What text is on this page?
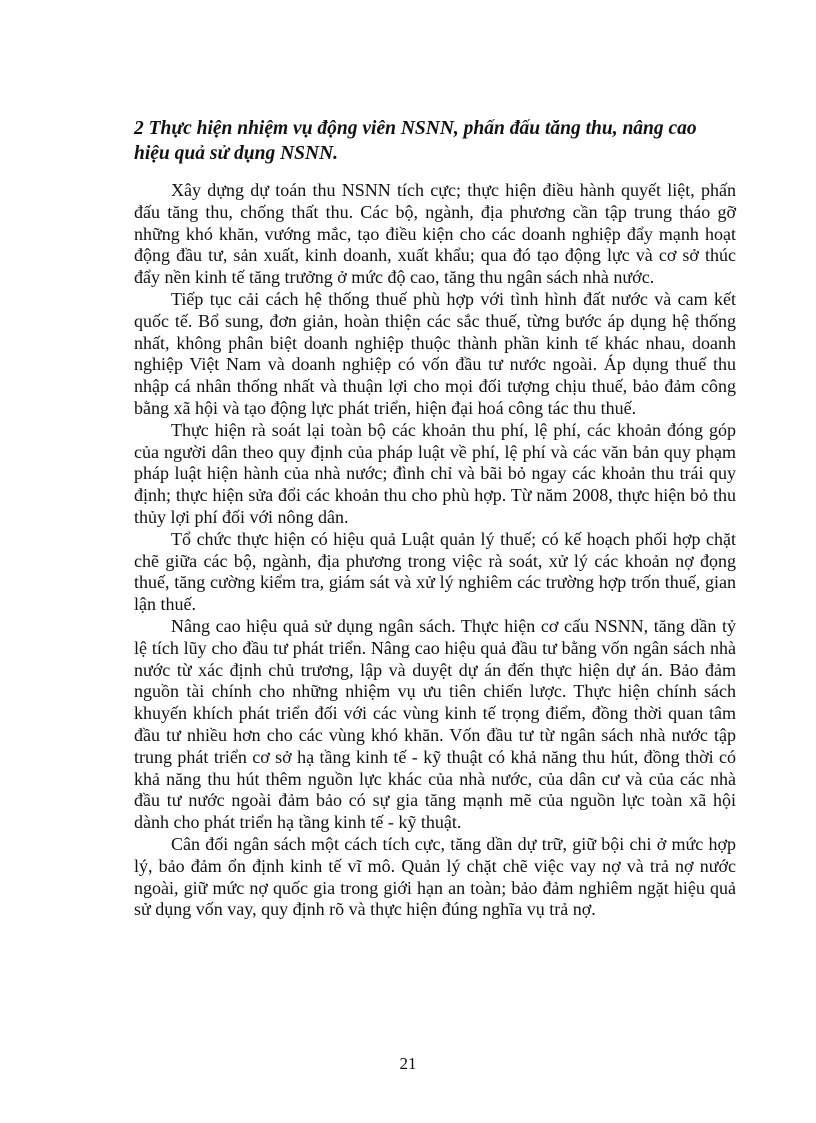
2 Thực hiện nhiệm vụ động viên NSNN, phấn đấu tăng thu, nâng cao hiệu quả sử dụng NSNN.

Xây dựng dự toán thu NSNN tích cực; thực hiện điều hành quyết liệt, phấn đấu tăng thu, chống thất thu. Các bộ, ngành, địa phương cần tập trung tháo gỡ những khó khăn, vướng mắc, tạo điều kiện cho các doanh nghiệp đẩy mạnh hoạt động đầu tư, sản xuất, kinh doanh, xuất khẩu; qua đó tạo động lực và cơ sở thúc đẩy nền kinh tế tăng trưởng ở mức độ cao, tăng thu ngân sách nhà nước.

Tiếp tục cải cách hệ thống thuế phù hợp với tình hình đất nước và cam kết quốc tế. Bổ sung, đơn giản, hoàn thiện các sắc thuế, từng bước áp dụng hệ thống nhất, không phân biệt doanh nghiệp thuộc thành phần kinh tế khác nhau, doanh nghiệp Việt Nam và doanh nghiệp có vốn đầu tư nước ngoài. Áp dụng thuế thu nhập cá nhân thống nhất và thuận lợi cho mọi đối tượng chịu thuế, bảo đảm công bằng xã hội và tạo động lực phát triển, hiện đại hoá công tác thu thuế.

Thực hiện rà soát lại toàn bộ các khoản thu phí, lệ phí, các khoản đóng góp của người dân theo quy định của pháp luật về phí, lệ phí và các văn bản quy phạm pháp luật hiện hành của nhà nước; đình chỉ và bãi bỏ ngay các khoản thu trái quy định; thực hiện sửa đổi các khoản thu cho phù hợp. Từ năm 2008, thực hiện bỏ thu thủy lợi phí đối với nông dân.

Tổ chức thực hiện có hiệu quả Luật quản lý thuế; có kế hoạch phối hợp chặt chẽ giữa các bộ, ngành, địa phương trong việc rà soát, xử lý các khoản nợ đọng thuế, tăng cường kiểm tra, giám sát và xử lý nghiêm các trường hợp trốn thuế, gian lận thuế.

Nâng cao hiệu quả sử dụng ngân sách. Thực hiện cơ cấu NSNN, tăng dần tỷ lệ tích lũy cho đầu tư phát triển. Nâng cao hiệu quả đầu tư bằng vốn ngân sách nhà nước từ xác định chủ trương, lập và duyệt dự án đến thực hiện dự án. Bảo đảm nguồn tài chính cho những nhiệm vụ ưu tiên chiến lược. Thực hiện chính sách khuyến khích phát triển đối với các vùng kinh tế trọng điểm, đồng thời quan tâm đầu tư nhiều hơn cho các vùng khó khăn. Vốn đầu tư từ ngân sách nhà nước tập trung phát triển cơ sở hạ tầng kinh tế - kỹ thuật có khả năng thu hút, đồng thời có khả năng thu hút thêm nguồn lực khác của nhà nước, của dân cư và của các nhà đầu tư nước ngoài đảm bảo có sự gia tăng mạnh mẽ của nguồn lực toàn xã hội dành cho phát triển hạ tầng kinh tế - kỹ thuật.

Cân đối ngân sách một cách tích cực, tăng dần dự trữ, giữ bội chi ở mức hợp lý, bảo đảm ổn định kinh tế vĩ mô. Quản lý chặt chẽ việc vay nợ và trả nợ nước ngoài, giữ mức nợ quốc gia trong giới hạn an toàn; bảo đảm nghiêm ngặt hiệu quả sử dụng vốn vay, quy định rõ và thực hiện đúng nghĩa vụ trả nợ.

21
